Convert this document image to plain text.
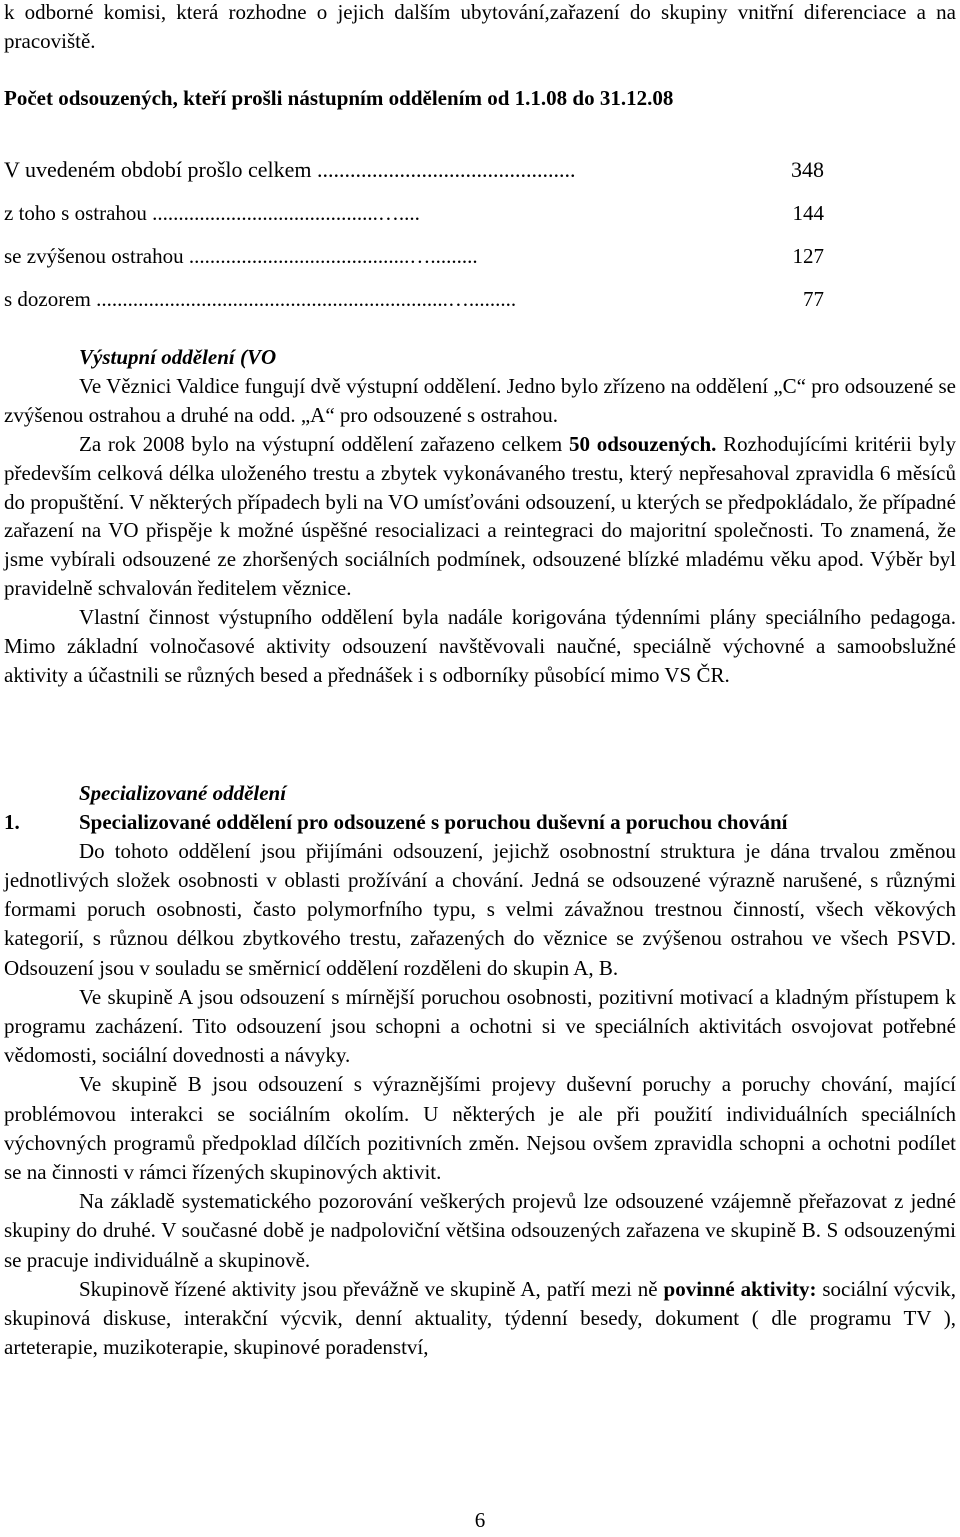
k odborné komisi, která rozhodne o jejich dalším ubytování,zařazení do skupiny vnitřní diferenciace a na pracoviště.

Počet odsouzených, kteří prošli nástupním oddělením od 1.1.08 do 31.12.08
V uvedeném období prošlo celkem ...............................................	348
z toho s ostrahou ...........................................…....	144
se zvýšenou ostrahou ..........................................….........	127
s dozorem ...................................................................….........	77

Výstupní oddělení (VO

Ve Věznici Valdice fungují dvě výstupní oddělení. Jedno bylo zřízeno na oddělení „C“ pro odsouzené se zvýšenou ostrahou a druhé na odd. „A“ pro odsouzené s ostrahou.

Za rok 2008 bylo na výstupní oddělení zařazeno celkem 50 odsouzených. Rozhodujícími kritérii byly především celková délka uloženého trestu a zbytek vykonávaného trestu, který nepřesahoval zpravidla 6 měsíců do propuštění. V některých případech byli na VO umísťováni odsouzení, u kterých se předpokládalo, že případné zařazení na VO přispěje k možné úspěšné resocializaci a reintegraci do majoritní společnosti. To znamená, že jsme vybírali odsouzené ze zhoršených sociálních podmínek, odsouzené blízké mladému věku apod. Výběr byl pravidelně schvalován ředitelem věznice.

Vlastní činnost výstupního oddělení byla nadále korigována týdenními plány speciálního pedagoga. Mimo základní volnočasové aktivity odsouzení navštěvovali naučné, speciálně výchovné a samoobslužné aktivity a účastnili se různých besed a přednášek i s odborníky působící mimo VS ČR.

Specializované oddělení

1.	Specializované oddělení pro odsouzené s poruchou duševní a poruchou chování

Do tohoto oddělení jsou přijímáni odsouzení, jejichž osobnostní struktura je dána trvalou změnou jednotlivých složek osobnosti v oblasti prožívání a chování. Jedná se odsouzené výrazně narušené, s různými formami poruch osobnosti, často polymorfního typu, s velmi závažnou trestnou činností, všech věkových kategorií, s různou délkou zbytkového trestu, zařazených do věznice se zvýšenou ostrahou ve všech PSVD. Odsouzení jsou v souladu se směrnicí oddělení rozděleni do skupin A, B.

Ve skupině A jsou odsouzení s mírnější poruchou osobnosti, pozitivní motivací a kladným přístupem k programu zacházení. Tito odsouzení jsou schopni a ochotni si ve speciálních aktivitách osvojovat potřebné vědomosti, sociální dovednosti a návyky.

Ve skupině B jsou odsouzení s výraznějšími projevy duševní poruchy a poruchy chování, mající problémovou interakci se sociálním okolím. U některých je ale při použití individuálních speciálních výchovných programů předpoklad dílčích pozitivních změn. Nejsou ovšem zpravidla schopni a ochotni podílet se na činnosti v rámci řízených skupinových aktivit.

Na základě systematického pozorování veškerých projevů lze odsouzené vzájemně přeřazovat z jedné skupiny do druhé. V současné době je nadpoloviční většina odsouzených zařazena ve skupině B. S odsouzenými se pracuje individuálně a skupinově.

Skupinově řízené aktivity jsou převážně ve skupině A, patří mezi ně povinné aktivity: sociální výcvik, skupinová diskuse, interakční výcvik, denní aktuality, týdenní besedy, dokument ( dle programu TV ), arteterapie, muzikoterapie, skupinové poradenství,

6
